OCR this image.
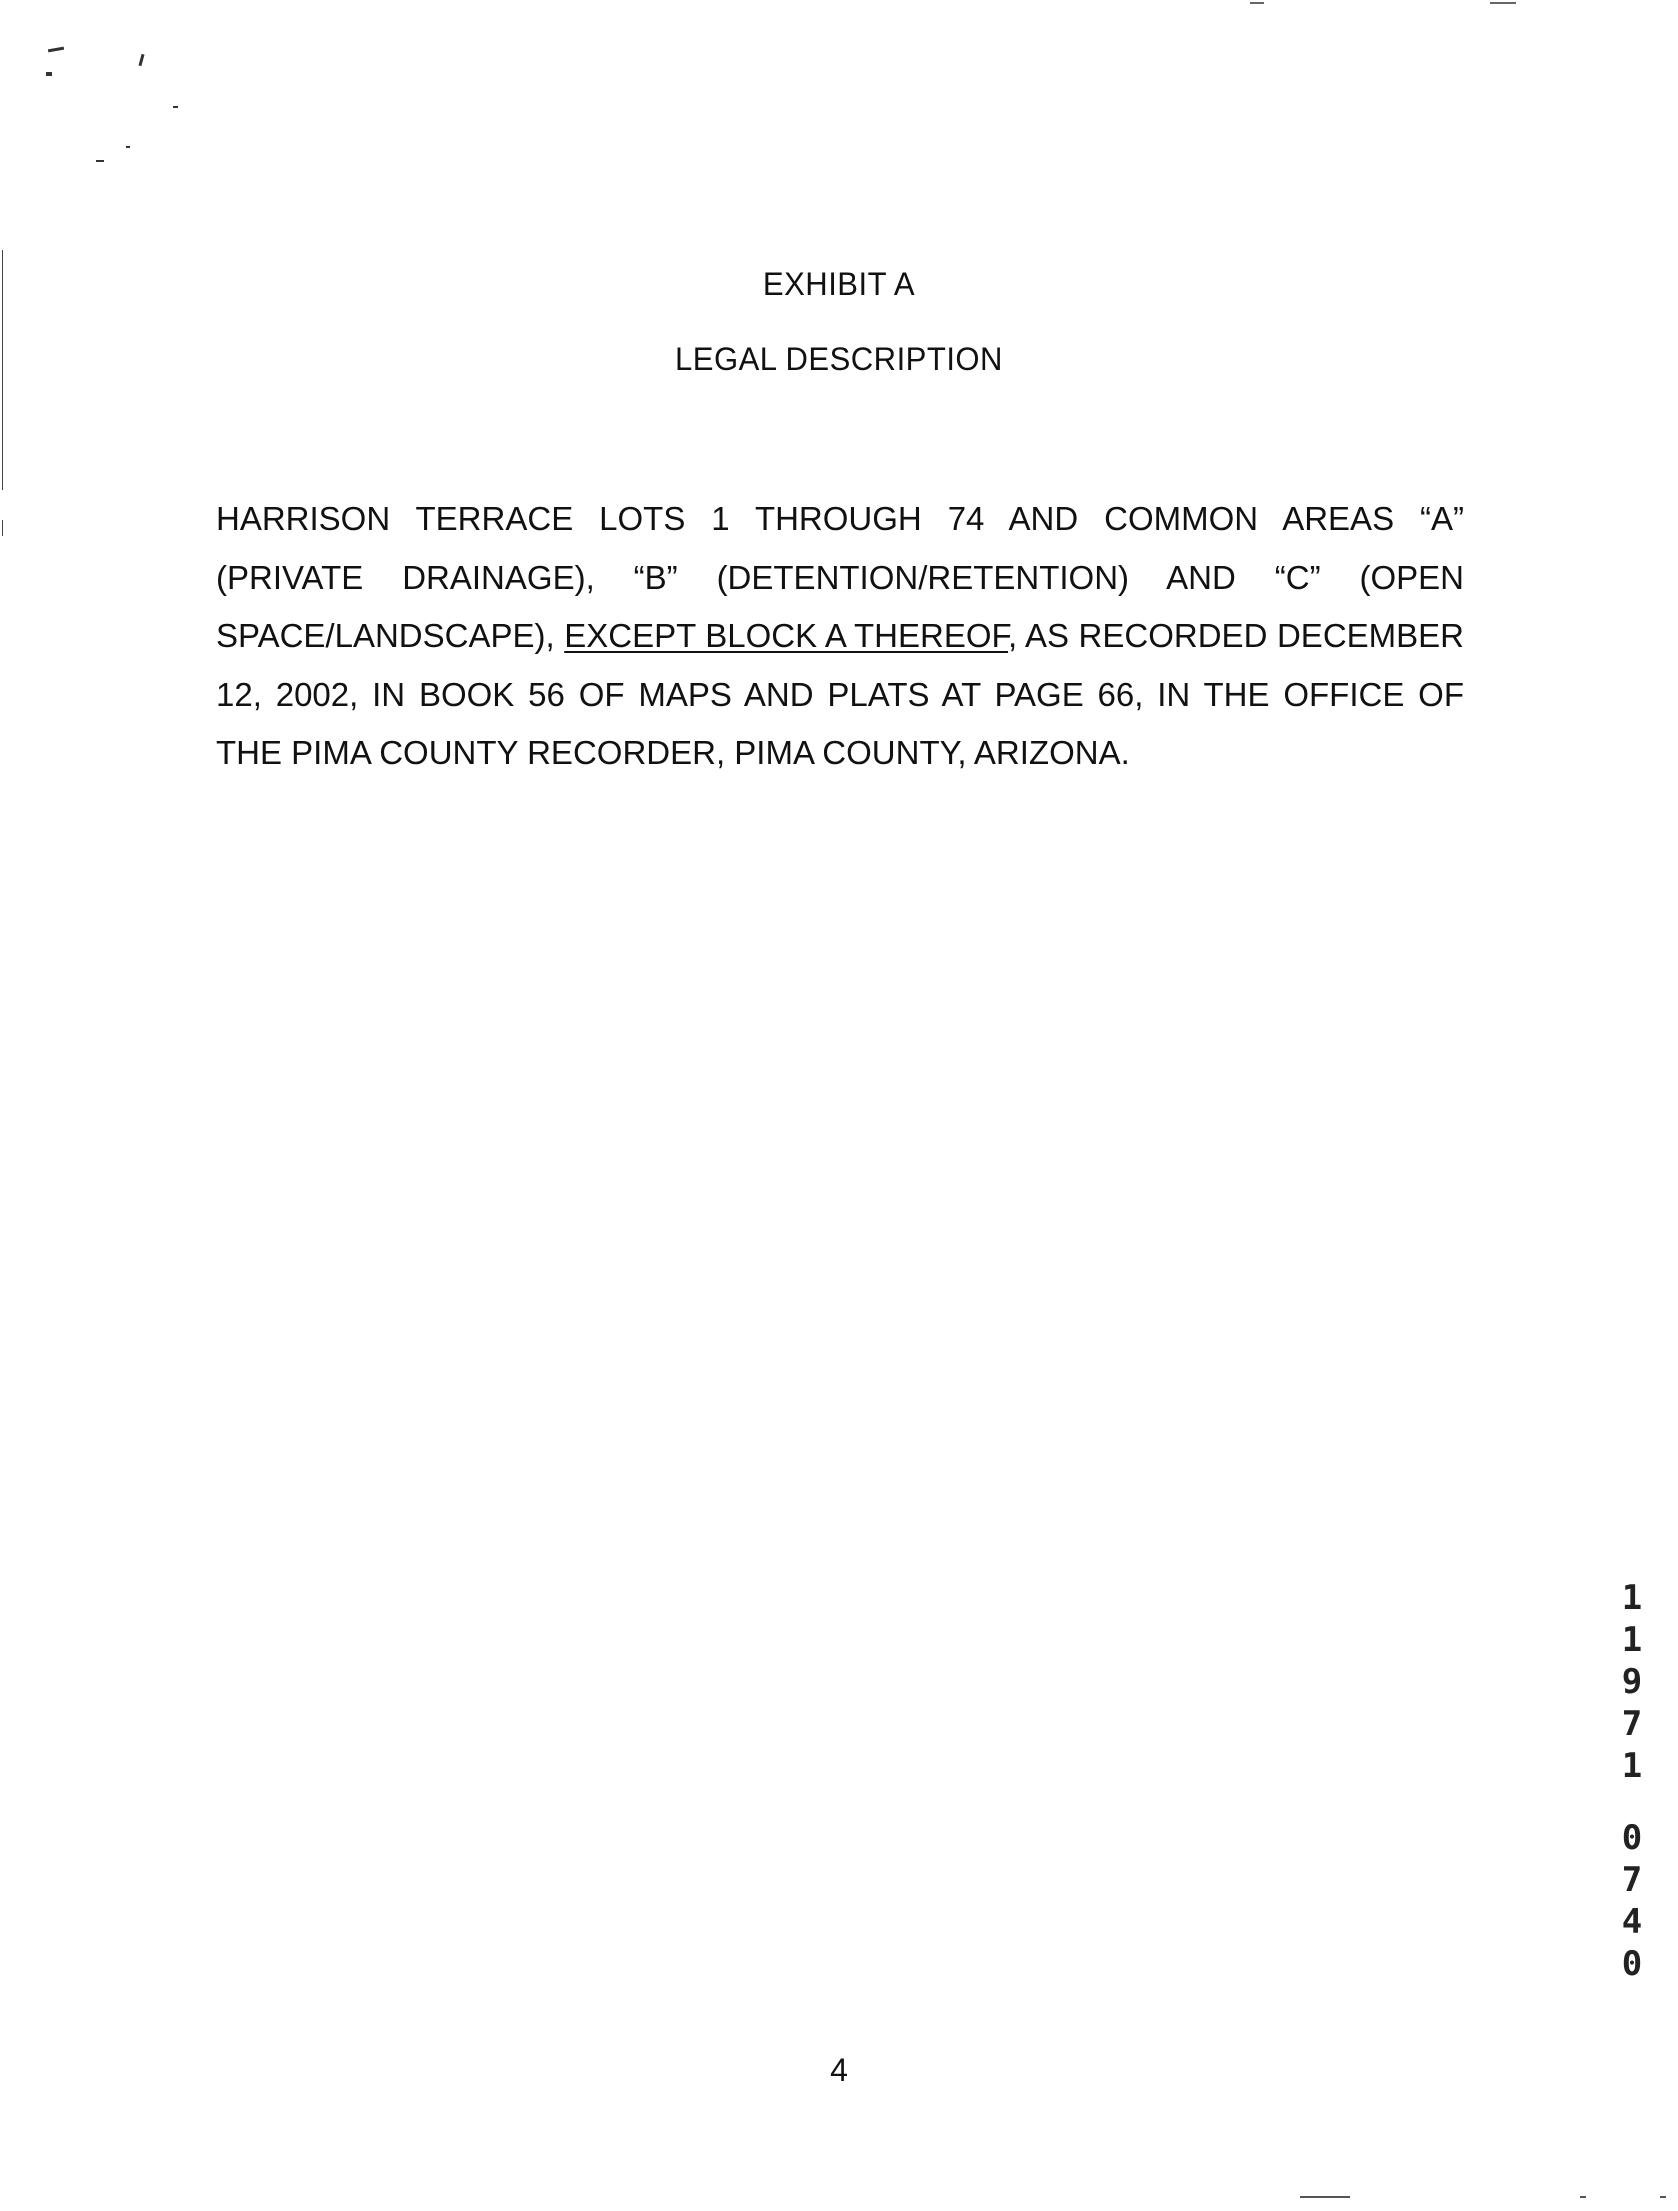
EXHIBIT A
LEGAL DESCRIPTION
HARRISON TERRACE LOTS 1 THROUGH 74 AND COMMON AREAS “A” (PRIVATE DRAINAGE), “B” (DETENTION/RETENTION) AND “C” (OPEN SPACE/LANDSCAPE), EXCEPT BLOCK A THEREOF, AS RECORDED DECEMBER 12, 2002, IN BOOK 56 OF MAPS AND PLATS AT PAGE 66, IN THE OFFICE OF THE PIMA COUNTY RECORDER, PIMA COUNTY, ARIZONA.
1
1
9
7
1
0
7
4
0
4
